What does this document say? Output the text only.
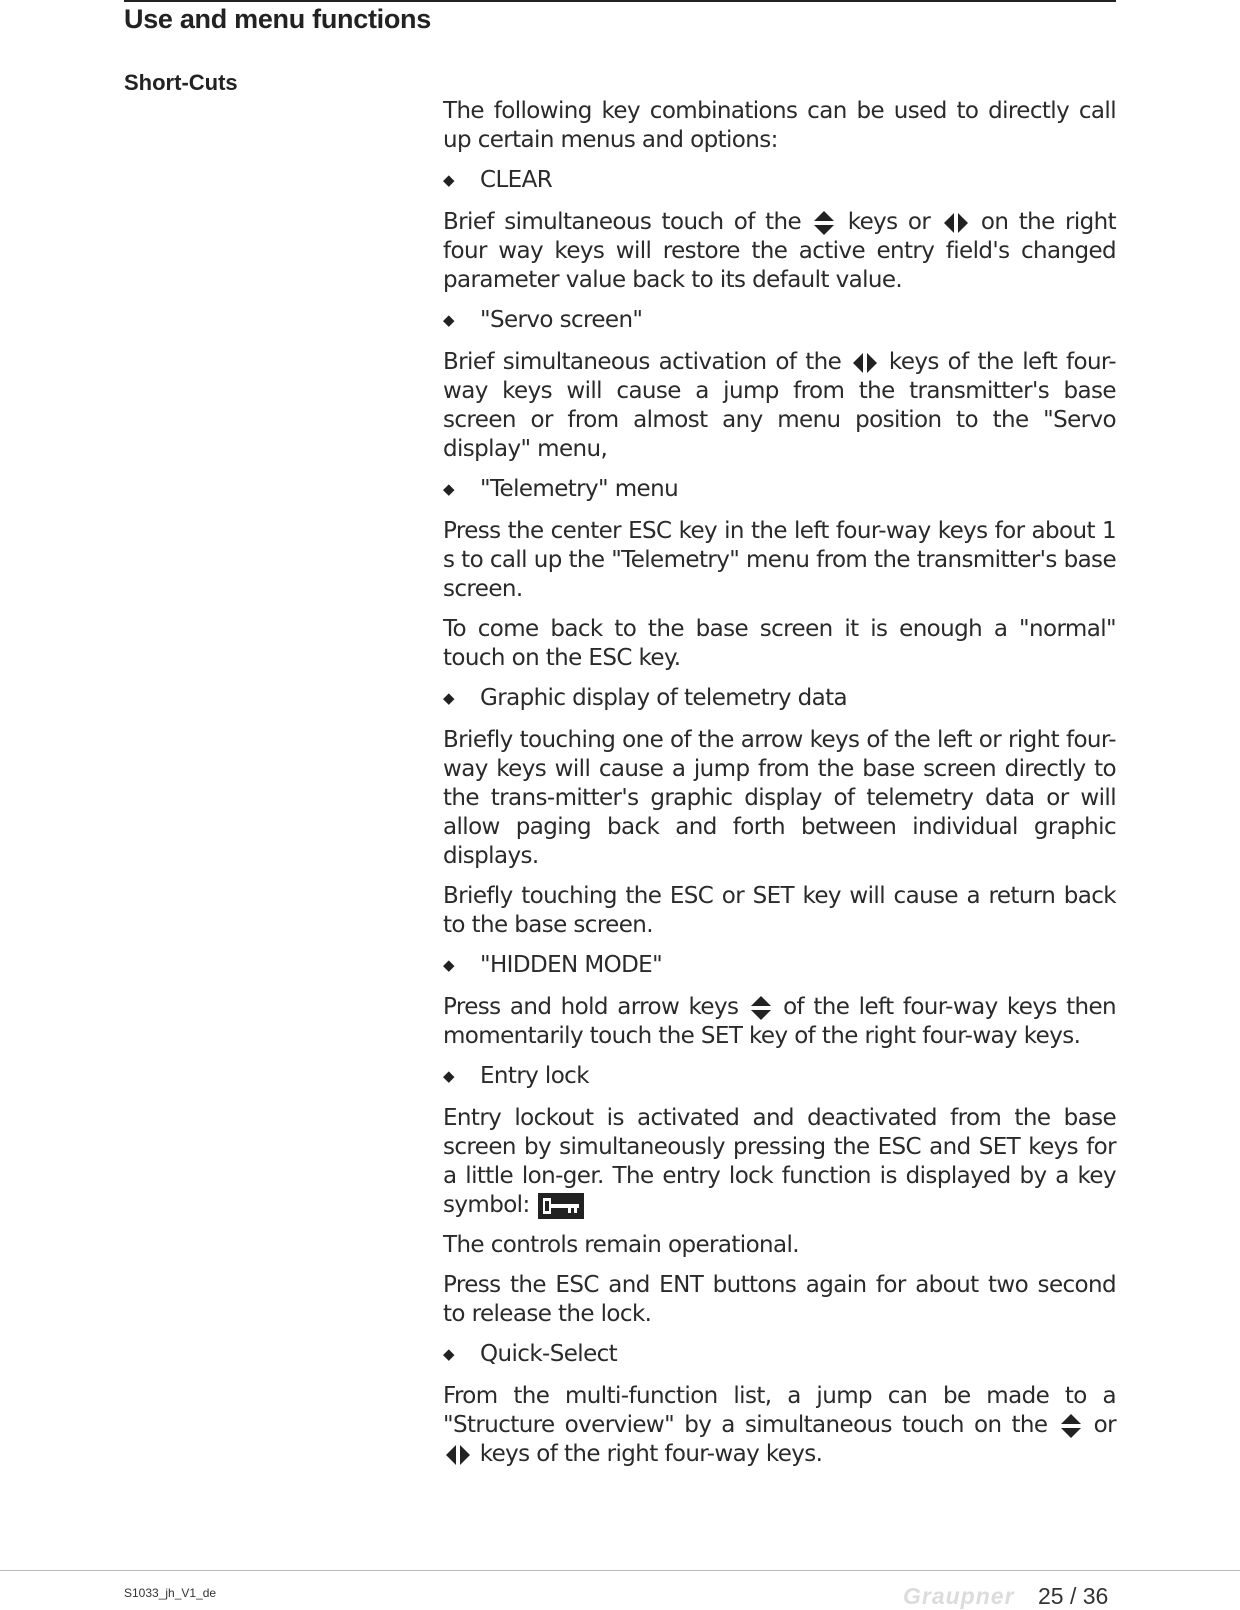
Use and menu functions
Short-Cuts

The following key combinations can be used to directly call up certain menus and options:

◆	CLEAR

Brief simultaneous touch of the keys or on the right four way keys will restore the active entry field's changed parameter value back to its default value.

◆	"Servo screen"

Brief simultaneous activation of the keys of the left four-way keys will cause a jump from the transmitter's base screen or from almost any menu position to the "Servo display" menu,

◆	"Telemetry" menu

Press the center ESC key in the left four-way keys for about 1 s to call up the "Telemetry" menu from the transmitter's base screen.

To come back to the base screen it is enough a "normal" touch on the ESC key.

◆	Graphic display of telemetry data

Briefly touching one of the arrow keys of the left or right four-way keys will cause a jump from the base screen directly to the trans-mitter's graphic display of telemetry data or will allow paging back and forth between individual graphic displays.

Briefly touching the ESC or SET key will cause a return back to the base screen.

◆	"HIDDEN MODE"

Press and hold arrow keys of the left four-way keys then momentarily touch the SET key of the right four-way keys.

◆	Entry lock

Entry lockout is activated and deactivated from the base screen by simultaneously pressing the ESC and SET keys for a little lon-ger. The entry lock function is displayed by a key symbol:

The controls remain operational.

Press the ESC and ENT buttons again for about two second to release the lock.

◆	Quick-Select

From the multi-function list, a jump can be made to a "Structure overview" by a simultaneous touch on the or  keys of the right four-way keys.

S1033_jh_V1_de	Graupner 25 / 36
